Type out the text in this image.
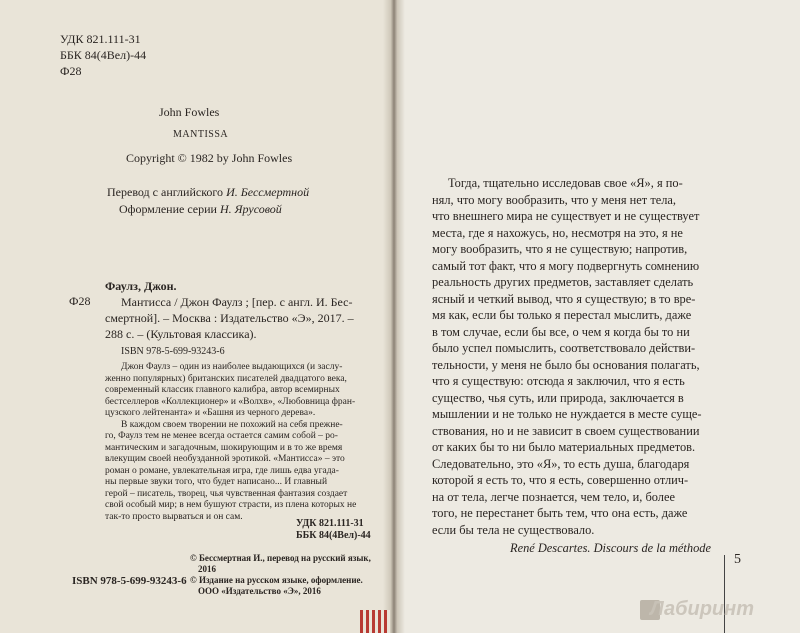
УДК 821.111-31
ББК 84(4Вел)-44
Ф28
John Fowles
MANTISSA
Copyright © 1982 by John Fowles
Перевод с английского И. Бессмертной
Оформление серии Н. Ярусовой
Ф28
Фаулз, Джон.
Мантисса / Джон Фаулз ; [пер. с англ. И. Бес-
смертной]. – Москва : Издательство «Э», 2017. –
288 с. – (Культовая классика).
ISBN 978-5-699-93243-6
Джон Фаулз – один из наиболее выдающихся (и заслу-
женно популярных) британских писателей двадцатого века,
современный классик главного калибра, автор всемирных
бестселлеров «Коллекционер» и «Волхв», «Любовница фран-
цузского лейтенанта» и «Башня из черного дерева».
В каждом своем творении не похожий на себя прежне-
го, Фаулз тем не менее всегда остается самим собой – ро-
мантическим и загадочным, шокирующим и в то же время
влекущим своей необузданной эротикой. «Мантисса» – это
роман о романе, увлекательная игра, где лишь едва угада-
ны первые звуки того, что будет написано... И главный
герой – писатель, творец, чья чувственная фантазия создает
свой особый мир; в нем бушуют страсти, из плена которых не
так-то просто вырваться и он сам.
УДК 821.111-31
ББК 84(4Вел)-44
© Бессмертная И., перевод на русский язык,
2016
© Издание на русском языке, оформление.
ООО «Издательство «Э», 2016
ISBN 978-5-699-93243-6
Тогда, тщательно исследовав свое «Я», я по-
нял, что могу вообразить, что у меня нет тела,
что внешнего мира не существует и не существует
места, где я нахожусь, но, несмотря на это, я не
могу вообразить, что я не существую; напротив,
самый тот факт, что я могу подвергнуть сомнению
реальность других предметов, заставляет сделать
ясный и четкий вывод, что я существую; в то вре-
мя как, если бы только я перестал мыслить, даже
в том случае, если бы все, о чем я когда бы то ни
было успел помыслить, соответствовало действи-
тельности, у меня не было бы основания полагать,
что я существую: отсюда я заключил, что я есть
существо, чья суть, или природа, заключается в
мышлении и не только не нуждается в месте суще-
ствования, но и не зависит в своем существовании
от каких бы то ни было материальных предметов.
Следовательно, это «Я», то есть душа, благодаря
которой я есть то, что я есть, совершенно отлич-
на от тела, легче познается, чем тело, и, более
того, не перестанет быть тем, что она есть, даже
если бы тела не существовало.
René Descartes. Discours de la méthode
5
Лабиринт
